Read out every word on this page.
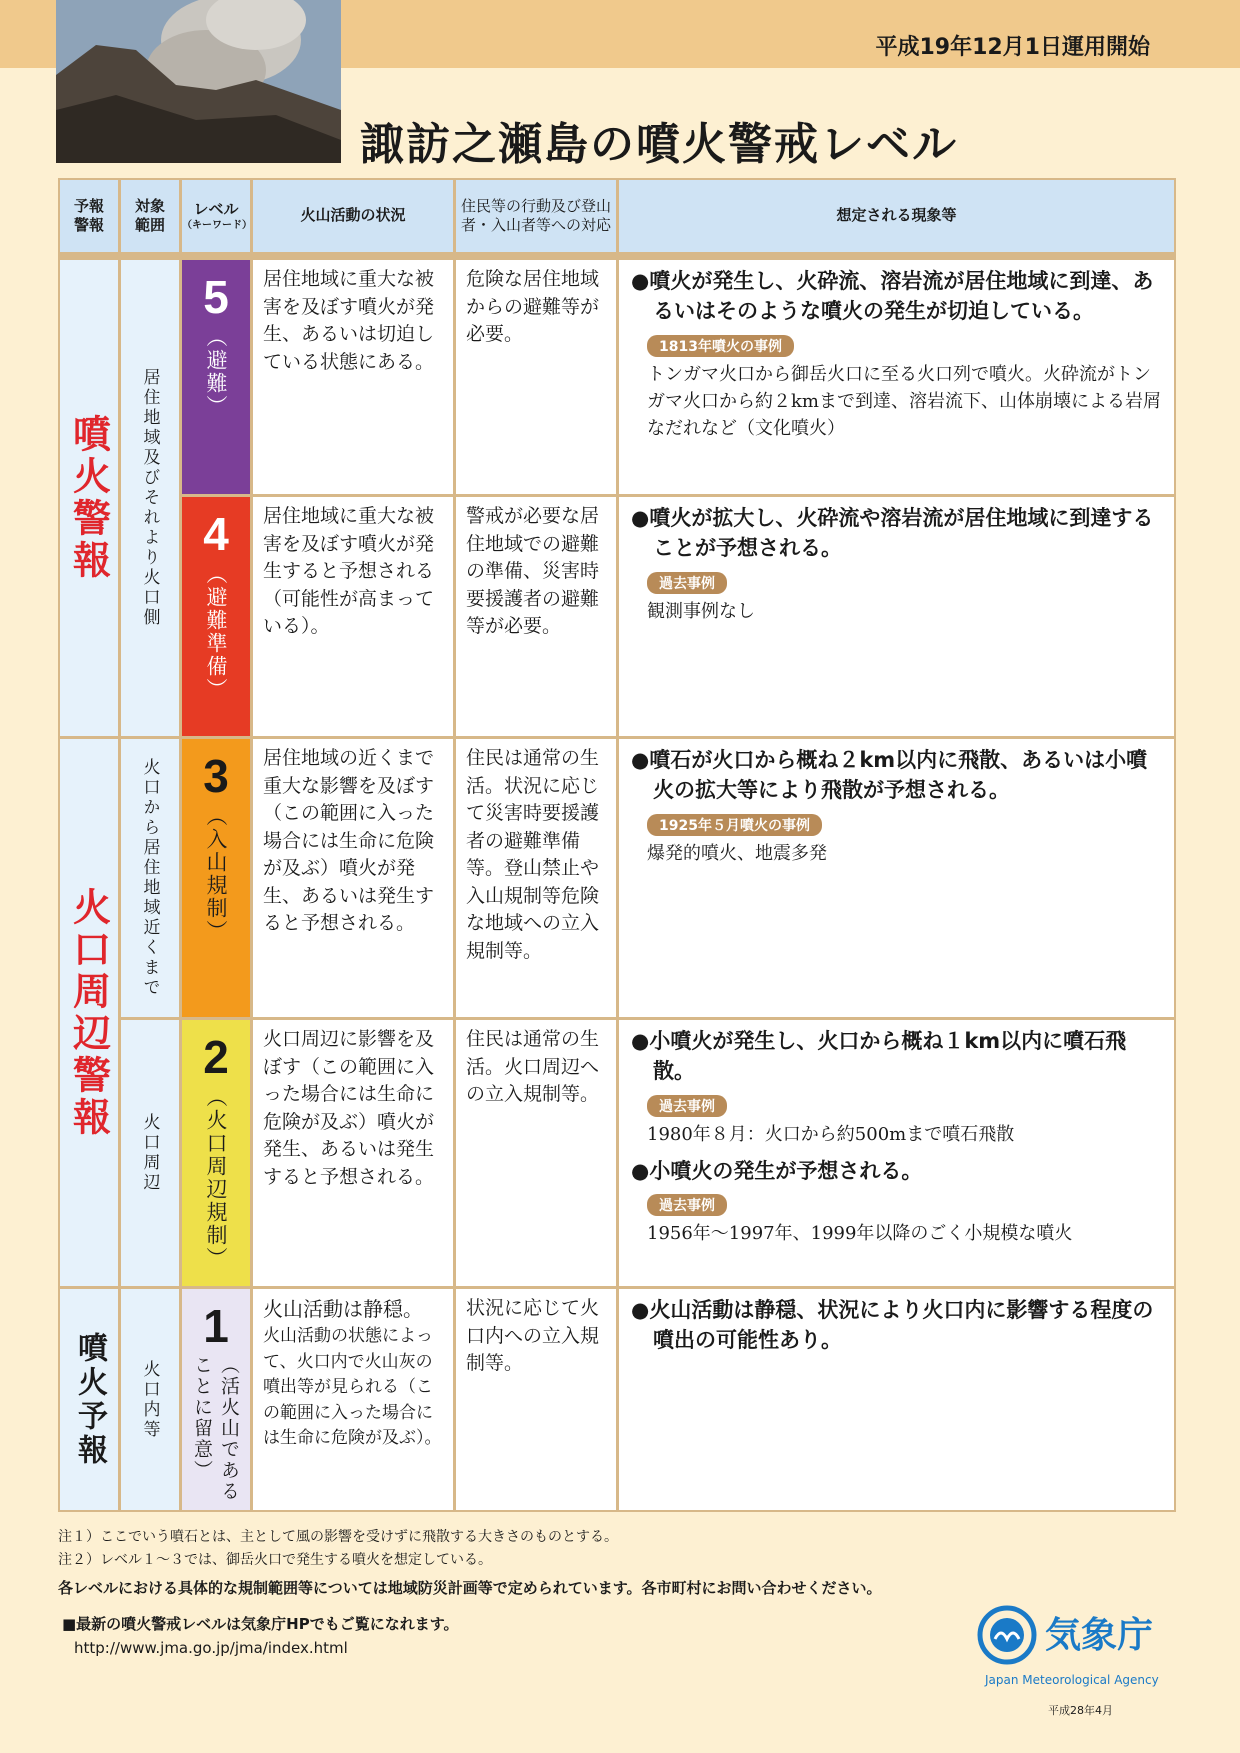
平成19年12月1日運用開始
諏訪之瀬島の噴火警戒レベル
予報
警報
対象
範囲
レベル
（キーワード）
火山活動の状況
住民等の行動及び登山
者・入山者等への対応
想定される現象等
噴火警報
火口周辺警報
噴火予報
居住地域及びそれより火口側
火口から居住地域近くまで
火口周辺
火口内等
5
（避難）
居住地域に重大な被害を及ぼす噴火が発生、あるいは切迫している状態にある。
危険な居住地域からの避難等が必要。
●噴火が発生し、火砕流、溶岩流が居住地域に到達、あるいはそのような噴火の発生が切迫している。
1813年噴火の事例
トンガマ火口から御岳火口に至る火口列で噴火。火砕流がトンガマ火口から約２kmまで到達、溶岩流下、山体崩壊による岩屑なだれなど（文化噴火）
4
（避難準備）
居住地域に重大な被害を及ぼす噴火が発生すると予想される（可能性が高まっている）。
警戒が必要な居住地域での避難の準備、災害時要援護者の避難等が必要。
●噴火が拡大し、火砕流や溶岩流が居住地域に到達することが予想される。
過去事例
観測事例なし
3
（入山規制）
居住地域の近くまで重大な影響を及ぼす（この範囲に入った場合には生命に危険が及ぶ）噴火が発生、あるいは発生すると予想される。
住民は通常の生活。状況に応じて災害時要援護者の避難準備等。登山禁止や入山規制等危険な地域への立入規制等。
●噴石が火口から概ね２km以内に飛散、あるいは小噴火の拡大等により飛散が予想される。
1925年５月噴火の事例
爆発的噴火、地震多発
2
（火口周辺規制）
火口周辺に影響を及ぼす（この範囲に入った場合には生命に危険が及ぶ）噴火が発生、あるいは発生すると予想される。
住民は通常の生活。火口周辺への立入規制等。
●小噴火が発生し、火口から概ね１km以内に噴石飛散。
過去事例
1980年８月：火口から約500mまで噴石飛散
●小噴火の発生が予想される。
過去事例
1956年～1997年、1999年以降のごく小規模な噴火
1
（活火山であることに留意）
火山活動は静穏。
火山活動の状態によって、火口内で火山灰の噴出等が見られる（この範囲に入った場合には生命に危険が及ぶ）。
状況に応じて火口内への立入規制等。
●火山活動は静穏、状況により火口内に影響する程度の噴出の可能性あり。
注１）ここでいう噴石とは、主として風の影響を受けずに飛散する大きさのものとする。
注２）レベル１～３では、御岳火口で発生する噴火を想定している。
各レベルにおける具体的な規制範囲等については地域防災計画等で定められています。各市町村にお問い合わせください。
■最新の噴火警戒レベルは気象庁HPでもご覧になれます。
http://www.jma.go.jp/jma/index.html	気象庁
Japan Meteorological Agency
平成28年4月
